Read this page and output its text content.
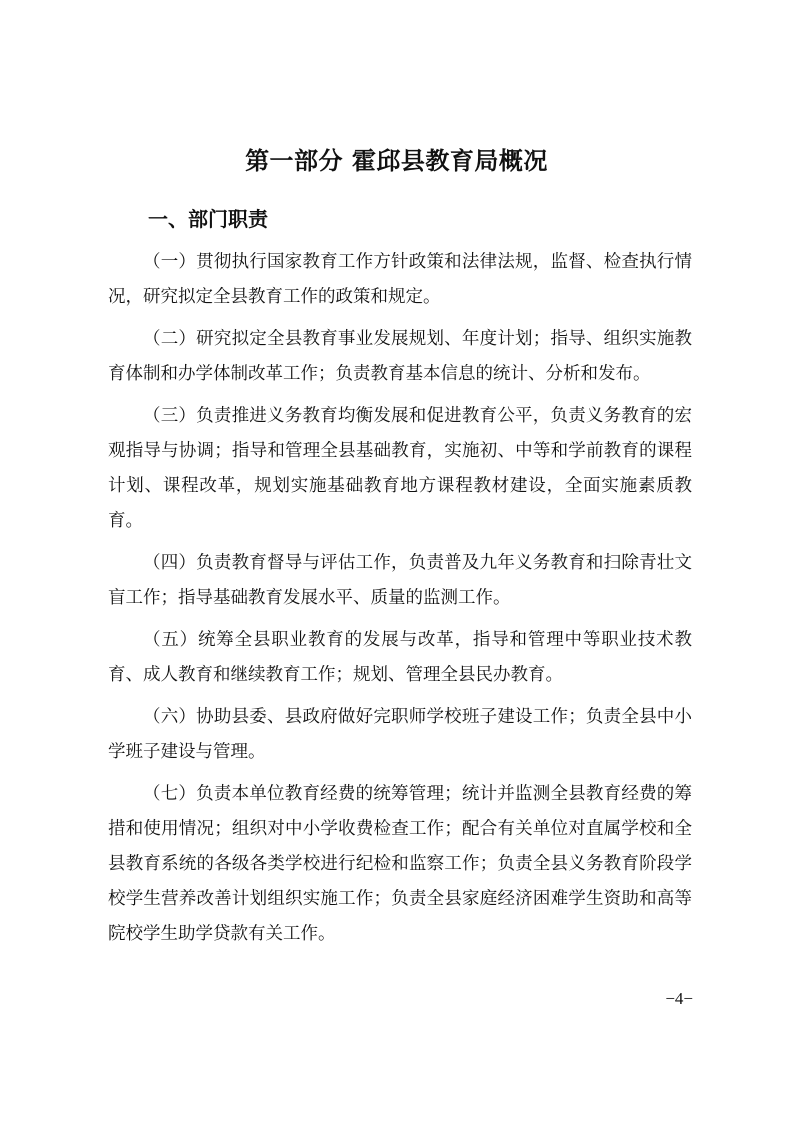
第一部分 霍邱县教育局概况
一、部门职责

（一）贯彻执行国家教育工作方针政策和法律法规，监督、检查执行情况，研究拟定全县教育工作的政策和规定。

（二）研究拟定全县教育事业发展规划、年度计划；指导、组织实施教育体制和办学体制改革工作；负责教育基本信息的统计、分析和发布。

（三）负责推进义务教育均衡发展和促进教育公平，负责义务教育的宏观指导与协调；指导和管理全县基础教育，实施初、中等和学前教育的课程计划、课程改革，规划实施基础教育地方课程教材建设，全面实施素质教育。

（四）负责教育督导与评估工作，负责普及九年义务教育和扫除青壮文盲工作；指导基础教育发展水平、质量的监测工作。

（五）统筹全县职业教育的发展与改革，指导和管理中等职业技术教育、成人教育和继续教育工作；规划、管理全县民办教育。

（六）协助县委、县政府做好完职师学校班子建设工作；负责全县中小学班子建设与管理。

（七）负责本单位教育经费的统筹管理；统计并监测全县教育经费的筹措和使用情况；组织对中小学收费检查工作；配合有关单位对直属学校和全县教育系统的各级各类学校进行纪检和监察工作；负责全县义务教育阶段学校学生营养改善计划组织实施工作；负责全县家庭经济困难学生资助和高等院校学生助学贷款有关工作。

−4−
